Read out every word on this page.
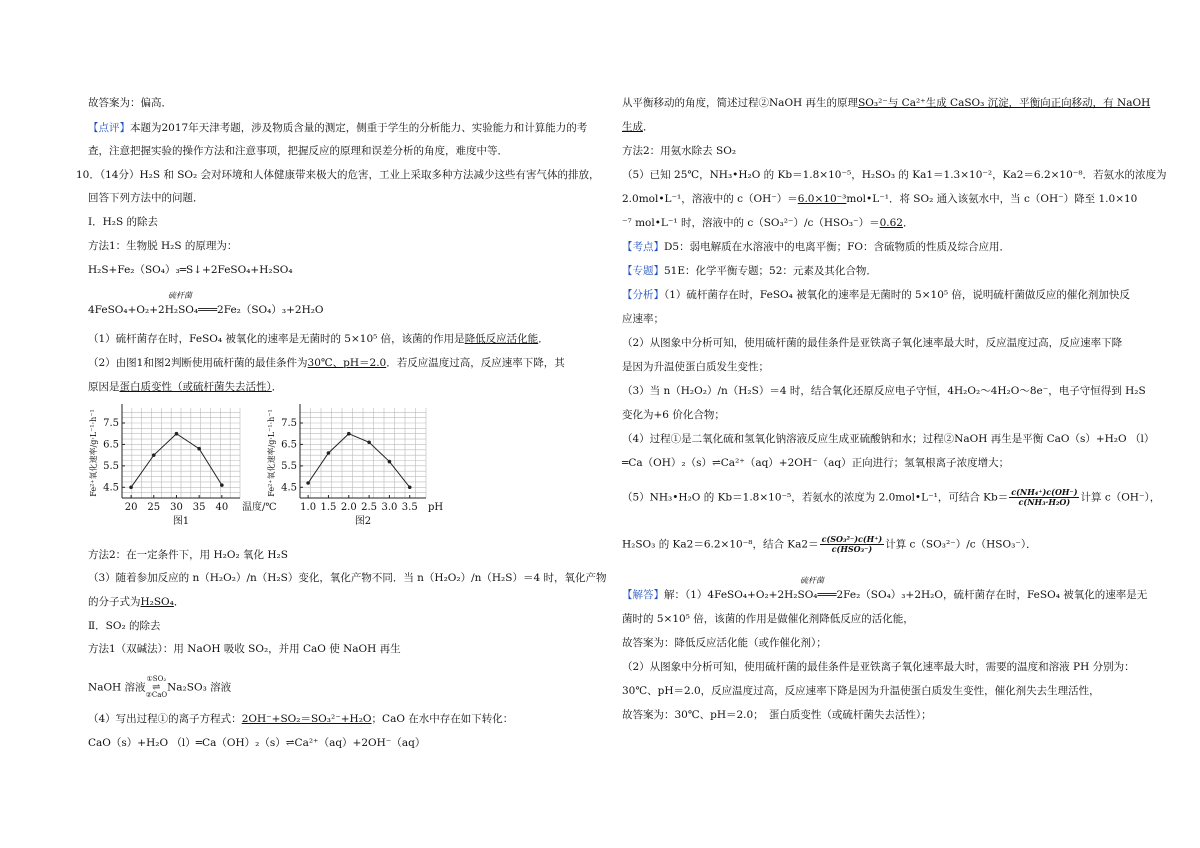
故答案为：偏高．
【点评】本题为2017年天津考题，涉及物质含量的测定，侧重于学生的分析能力、实验能力和计算能力的考
查，注意把握实验的操作方法和注意事项，把握反应的原理和误差分析的角度，难度中等．
10．（14分）H₂S 和 SO₂ 会对环境和人体健康带来极大的危害，工业上采取多种方法减少这些有害气体的排放，
回答下列方法中的问题．
Ⅰ．H₂S 的除去
方法1：生物脱 H₂S 的原理为：
H₂S+Fe₂（SO₄）₃═S↓+2FeSO₄+H₂SO₄
硫杆菌
4FeSO₄+O₂+2H₂SO₄═══2Fe₂（SO₄）₃+2H₂O
（1）硫杆菌存在时，FeSO₄ 被氧化的速率是无菌时的 5×10⁵ 倍，该菌的作用是降低反应活化能．
（2）由图1和图2判断使用硫杆菌的最佳条件为30℃、pH＝2.0．若反应温度过高，反应速率下降，其
原因是蛋白质变性（或硫杆菌失去活性）．
4.5
5.5
6.5
7.5
20 25 30 35 40 温度/℃
Fe²⁺氧化速率/g·L⁻¹·h⁻¹
图1
4.5
5.5
6.5
7.5
1.0 1.5 2.0 2.5 3.0 3.5 pH
Fe²⁺氧化速率/g·L⁻¹·h⁻¹
图2
方法2：在一定条件下，用 H₂O₂ 氧化 H₂S
（3）随着参加反应的 n（H₂O₂）/n（H₂S）变化，氧化产物不同．当 n（H₂O₂）/n（H₂S）＝4 时，氧化产物
的分子式为H₂SO₄．
Ⅱ．SO₂ 的除去
方法1（双碱法）：用 NaOH 吸收 SO₂，并用 CaO 使 NaOH 再生
NaOH 溶液
①SO₂
⇌
②CaO
Na₂SO₃ 溶液
（4）写出过程①的离子方程式：2OH⁻+SO₂＝SO₃²⁻+H₂O；CaO 在水中存在如下转化：
CaO（s）+H₂O （l）═Ca（OH）₂（s）⇌Ca²⁺（aq）+2OH⁻（aq）
从平衡移动的角度，简述过程②NaOH 再生的原理SO₃²⁻与 Ca²⁺生成 CaSO₃ 沉淀，平衡向正向移动，有 NaOH
生成．
方法2：用氨水除去 SO₂
（5）已知 25℃，NH₃•H₂O 的 Kb＝1.8×10⁻⁵，H₂SO₃ 的 Ka1＝1.3×10⁻²，Ka2＝6.2×10⁻⁸．若氨水的浓度为
2.0mol•L⁻¹，溶液中的 c（OH⁻）＝6.0×10⁻³mol•L⁻¹．将 SO₂ 通入该氨水中，当 c（OH⁻）降至 1.0×10
⁻⁷ mol•L⁻¹ 时，溶液中的 c（SO₃²⁻）/c（HSO₃⁻）＝0.62．
【考点】D5：弱电解质在水溶液中的电离平衡；FO：含硫物质的性质及综合应用．
【专题】51E：化学平衡专题；52：元素及其化合物．
【分析】（1）硫杆菌存在时，FeSO₄ 被氧化的速率是无菌时的 5×10⁵ 倍，说明硫杆菌做反应的催化剂加快反
应速率；
（2）从图象中分析可知，使用硫杆菌的最佳条件是亚铁离子氧化速率最大时，反应温度过高，反应速率下降
是因为升温使蛋白质发生变性；
（3）当 n（H₂O₂）/n（H₂S）＝4 时，结合氧化还原反应电子守恒，4H₂O₂～4H₂O～8e⁻，电子守恒得到 H₂S
变化为+6 价化合物；
（4）过程①是二氧化硫和氢氧化钠溶液反应生成亚硫酸钠和水；过程②NaOH 再生是平衡 CaO（s）+H₂O （l）
═Ca（OH）₂（s）⇌Ca²⁺（aq）+2OH⁻（aq）正向进行；氢氧根离子浓度增大；
（5）NH₃•H₂O 的 Kb＝1.8×10⁻⁵，若氨水的浓度为 2.0mol•L⁻¹，可结合 $Kb= \frac{\text{c(NH₄⁺)c(OH⁻)}}{\text{c(NH₃·H₂O)}}$ 计算 c（OH⁻），
H₂SO₃ 的 Ka2＝6.2×10⁻⁸，结合 $Ka2= \frac{\text{c(SO₃²⁻)c(H⁺)}}{\text{c(HSO₃⁻)}}$ 计算 c（SO₃²⁻）/c（HSO₃⁻）．
硫杆菌
【解答】解：（1）4FeSO₄+O₂+2H₂SO₄═══2Fe₂（SO₄）₃+2H₂O，硫杆菌存在时，FeSO₄ 被氧化的速率是无
菌时的 5×10⁵ 倍，该菌的作用是做催化剂降低反应的活化能，
故答案为：降低反应活化能（或作催化剂）；
（2）从图象中分析可知，使用硫杆菌的最佳条件是亚铁离子氧化速率最大时，需要的温度和溶液 PH 分别为：
30℃、pH＝2.0，反应温度过高，反应速率下降是因为升温使蛋白质发生变性，催化剂失去生理活性，
故答案为：30℃、pH＝2.0；　蛋白质变性（或硫杆菌失去活性）；
